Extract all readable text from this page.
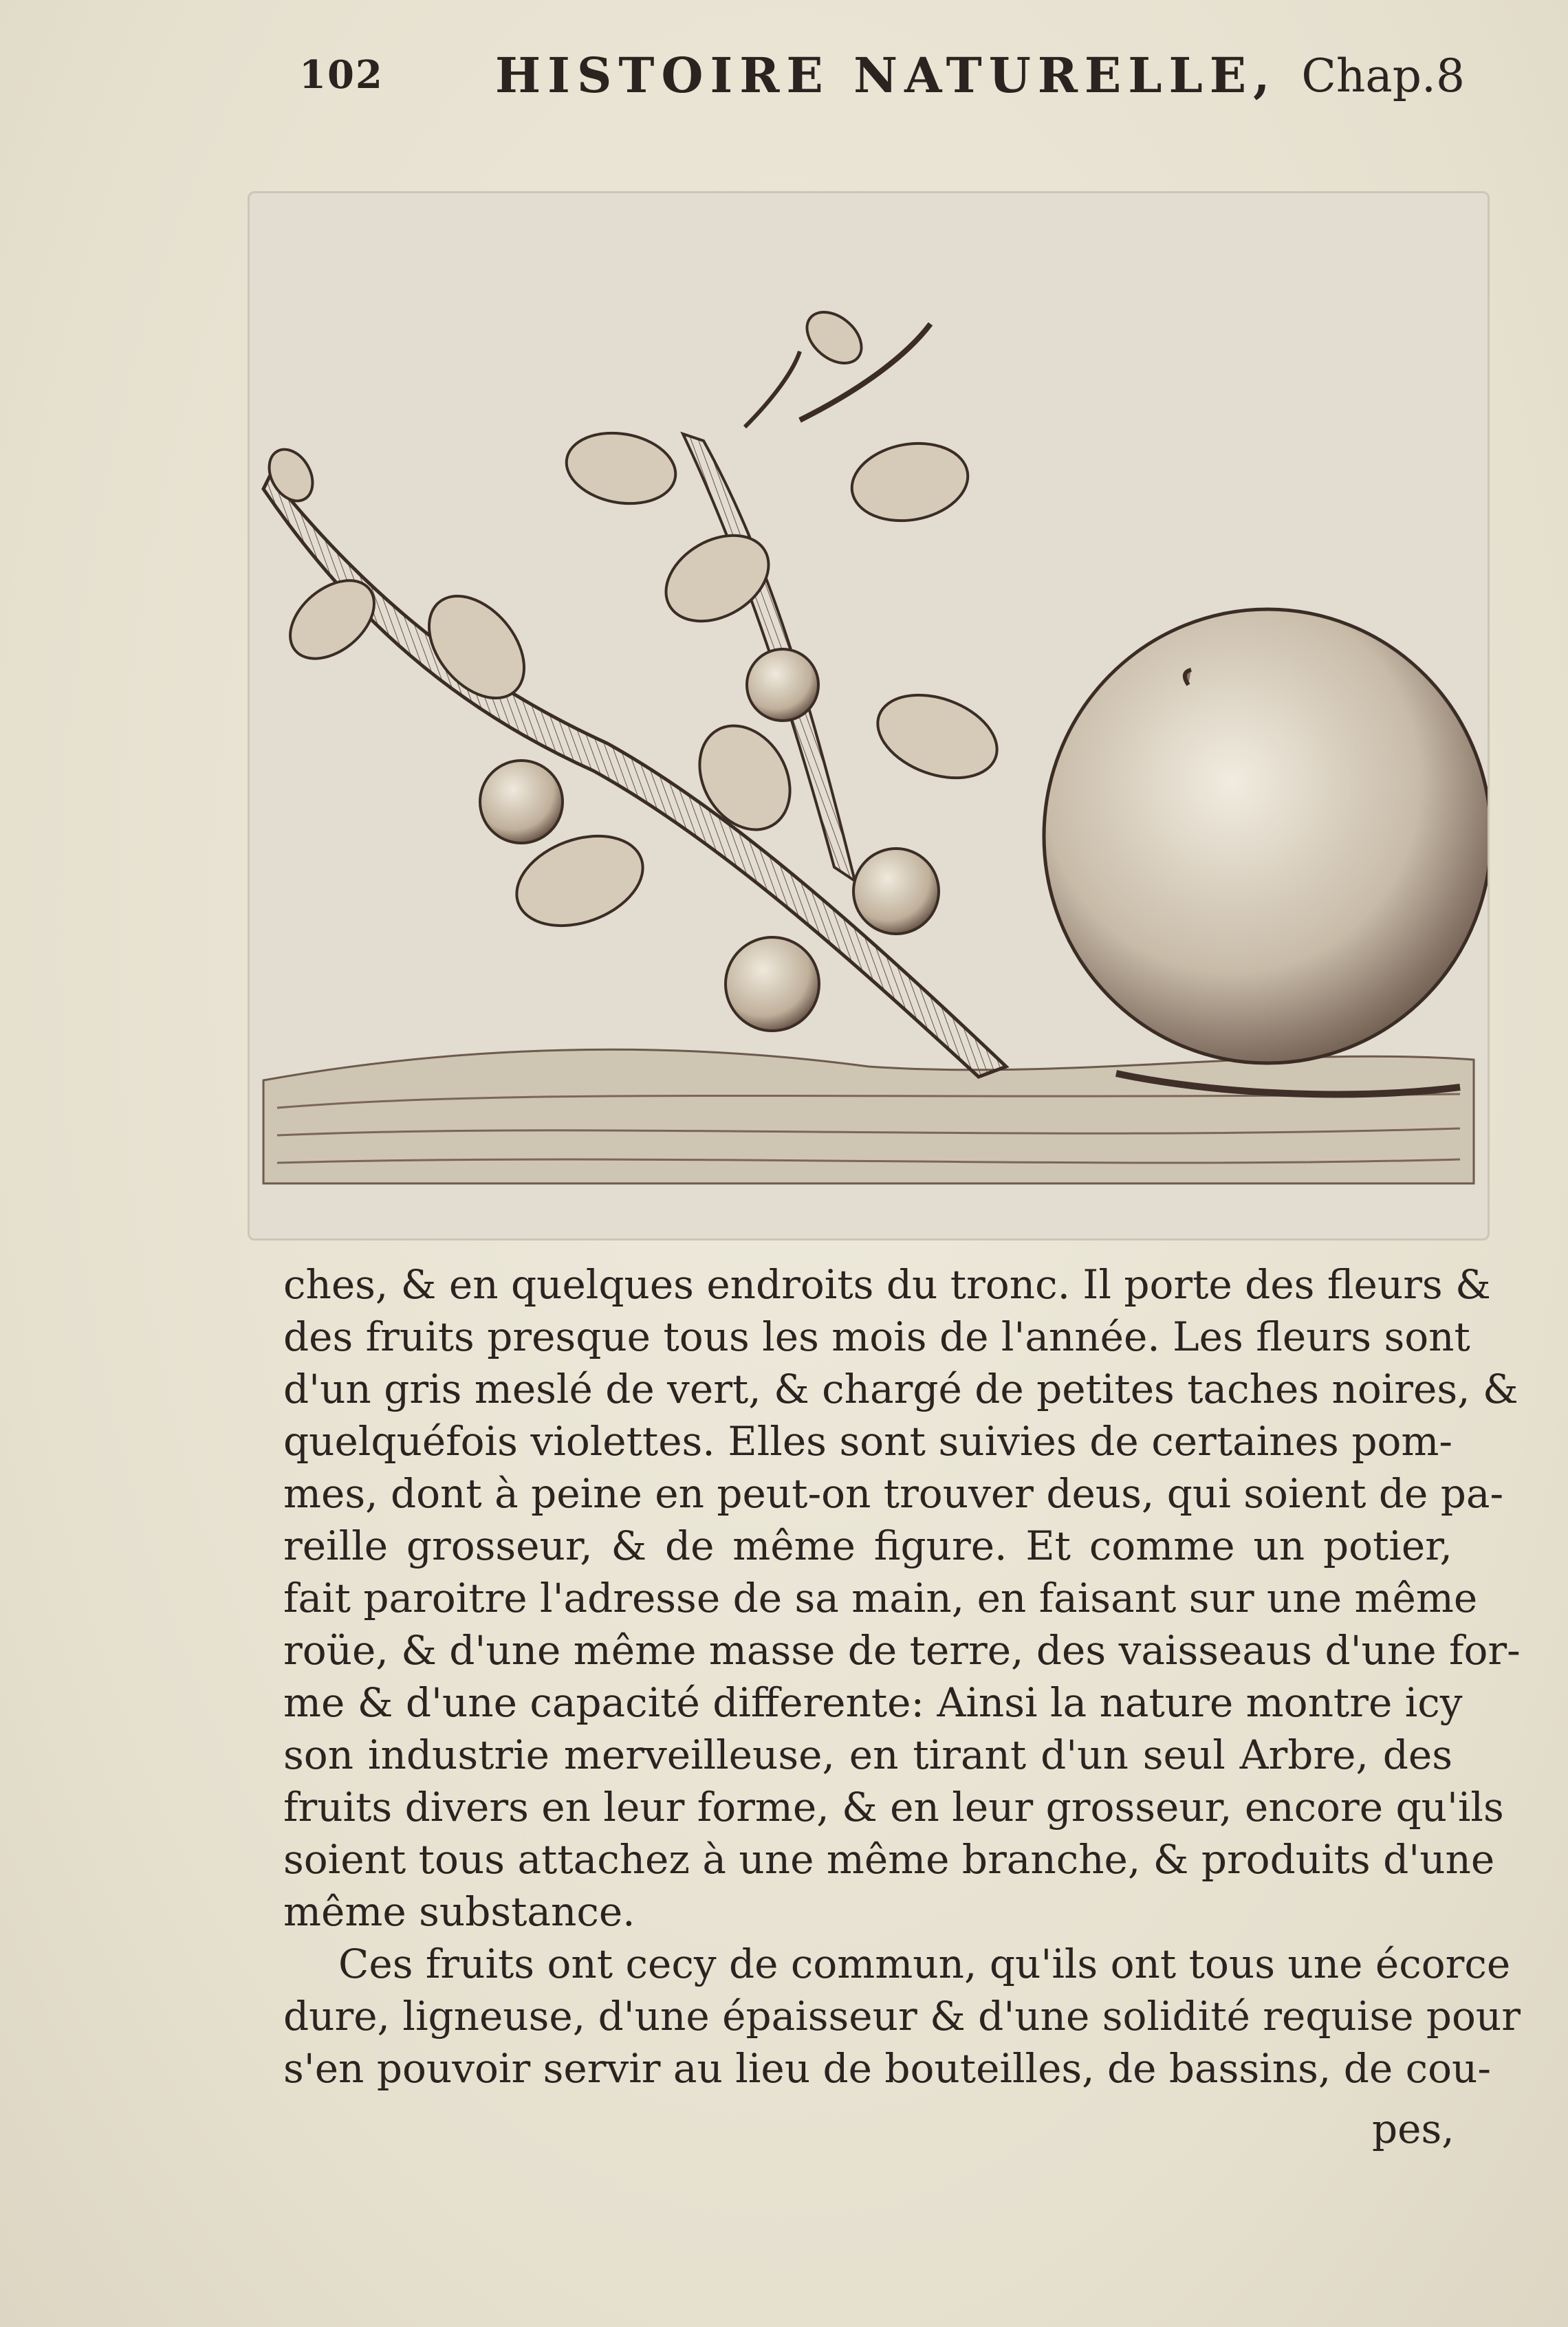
102 HISTOIRE NATURELLE, Chap.8
ches, & en quelques endroits du tronc. Il porte des fleurs &
des fruits presque tous les mois de l'année. Les fleurs sont
d'un gris meslé de vert, & chargé de petites taches noires, &
quelquéfois violettes. Elles sont suivies de certaines pom-
mes, dont à peine en peut-on trouver deus, qui soient de pa-
reille grosseur, & de même figure. Et comme un potier,
fait paroitre l'adresse de sa main, en faisant sur une même
roüe, & d'une même masse de terre, des vaisseaus d'une for-
me & d'une capacité differente: Ainsi la nature montre icy
son industrie merveilleuse, en tirant d'un seul Arbre, des
fruits divers en leur forme, & en leur grosseur, encore qu'ils
soient tous attachez à une même branche, & produits d'une
même substance.
Ces fruits ont cecy de commun, qu'ils ont tous une écorce
dure, ligneuse, d'une épaisseur & d'une solidité requise pour
s'en pouvoir servir au lieu de bouteilles, de bassins, de cou-
pes,
